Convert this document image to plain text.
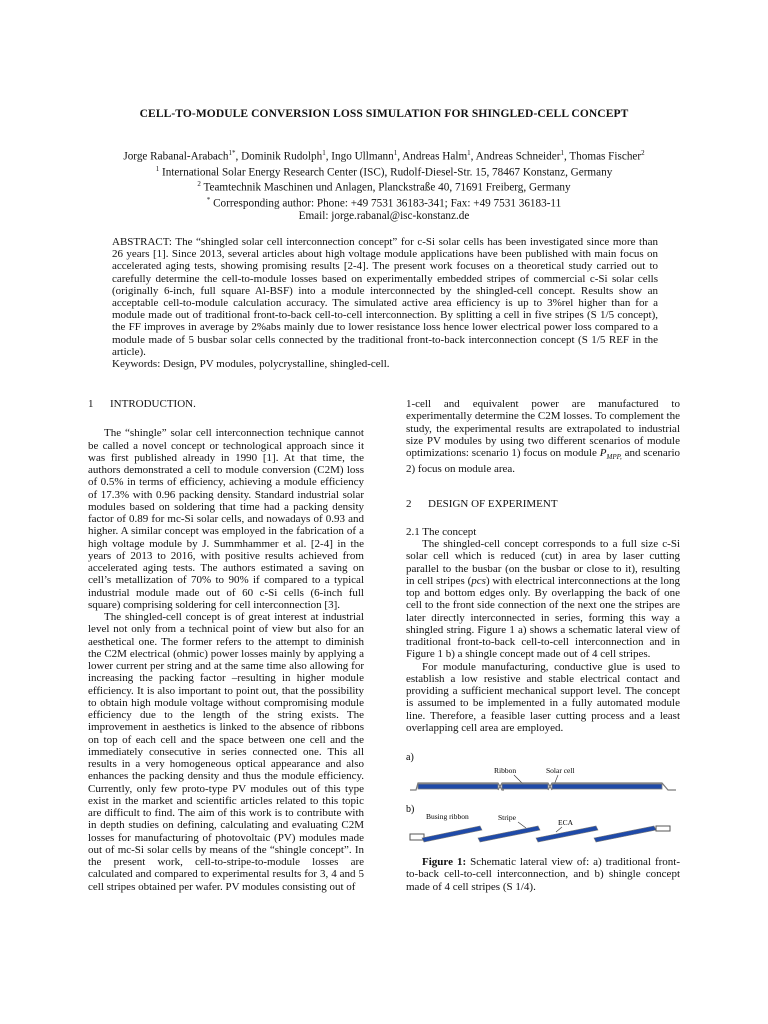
CELL-TO-MODULE CONVERSION LOSS SIMULATION FOR SHINGLED-CELL CONCEPT
Jorge Rabanal-Arabach$^{1*}$, Dominik Rudolph$^1$, Ingo Ullmann$^1$, Andreas Halm$^1$, Andreas Schneider$^1$, Thomas Fischer$^2$
$^1$ International Solar Energy Research Center (ISC), Rudolf-Diesel-Str. 15, 78467 Konstanz, Germany
$^2$ Teamtechnik Maschinen und Anlagen, Planckstraße 40, 71691 Freiberg, Germany
* Corresponding author: Phone: +49 7531 36183-341; Fax: +49 7531 36183-11
Email: jorge.rabanal@isc-konstanz.de

ABSTRACT: The “shingled solar cell interconnection concept” for c-Si solar cells has been investigated since more than 26 years [1]. Since 2013, several articles about high voltage module applications have been published with main focus on accelerated aging tests, showing promising results [2-4]. The present work focuses on a theoretical study carried out to carefully determine the cell-to-module losses based on experimentally embedded stripes of commercial c-Si solar cells (originally 6-inch, full square Al-BSF) into a module interconnected by the shingled-cell concept. Results show an acceptable cell-to-module calculation accuracy. The simulated active area efficiency is up to 3%rel higher than for a module made out of traditional front-to-back cell-to-cell interconnection. By splitting a cell in five stripes (S 1/5 concept), the FF improves in average by 2%abs mainly due to lower resistance loss hence lower electrical power loss compared to a module made of 5 busbar solar cells connected by the traditional front-to-back interconnection concept (S 1/5 REF in the article).

Keywords: Design, PV modules, polycrystalline, shingled-cell.

1 INTRODUCTION.

The “shingle” solar cell interconnection technique cannot be called a novel concept or technological approach since it was first published already in 1990 [1]. At that time, the authors demonstrated a cell to module conversion (C2M) loss of 0.5% in terms of efficiency, achieving a module efficiency of 17.3% with 0.96 packing density. Standard industrial solar modules based on soldering that time had a packing density factor of 0.89 for mc-Si solar cells, and nowadays of 0.93 and higher. A similar concept was employed in the fabrication of a high voltage module by J. Summhammer et al. [2-4] in the years of 2013 to 2016, with positive results achieved from accelerated aging tests. The authors estimated a saving on cell’s metallization of 70% to 90% if compared to a typical industrial module made out of 60 c-Si cells (6-inch full square) comprising soldering for cell interconnection [3].

The shingled-cell concept is of great interest at industrial level not only from a technical point of view but also for an aesthetical one. The former refers to the attempt to diminish the C2M electrical (ohmic) power losses mainly by applying a lower current per string and at the same time also allowing for increasing the packing factor –resulting in higher module efficiency. It is also important to point out, that the possibility to obtain high module voltage without compromising module efficiency due to the length of the string exists. The improvement in aesthetics is linked to the absence of ribbons on top of each cell and the space between one cell and the immediately consecutive in series connected one. This all results in a very homogeneous optical appearance and also enhances the packing density and thus the module efficiency. Currently, only few proto-type PV modules out of this type exist in the market and scientific articles related to this topic are difficult to find. The aim of this work is to contribute with in depth studies on defining, calculating and evaluating C2M losses for manufacturing of photovoltaic (PV) modules made out of mc-Si solar cells by means of the “shingle concept”. In the present work, cell-to-stripe-to-module losses are calculated and compared to experimental results for 3, 4 and 5 cell stripes obtained per wafer. PV modules consisting out of

1-cell and equivalent power are manufactured to experimentally determine the C2M losses. To complement the study, the experimental results are extrapolated to industrial size PV modules by using two different scenarios of module optimizations: scenario 1) focus on module $P_{MPP,}$ and scenario 2) focus on module area.

2 DESIGN OF EXPERIMENT
2.1 The concept

The shingled-cell concept corresponds to a full size c-Si solar cell which is reduced (cut) in area by laser cutting parallel to the busbar (on the busbar or close to it), resulting in cell stripes (pcs) with electrical interconnections at the long top and bottom edges only. By overlapping the back of one cell to the front side connection of the next one the stripes are later directly interconnected in series, forming this way a shingled string. Figure 1 a) shows a schematic lateral view of traditional front-to-back cell-to-cell interconnection and in Figure 1 b) a shingle concept made out of 4 cell stripes.

For module manufacturing, conductive glue is used to establish a low resistive and stable electrical contact and providing a sufficient mechanical support level. The concept is assumed to be implemented in a fully automated module line. Therefore, a feasible laser cutting process and a least overlapping cell area are employed.

a)
Ribbon	Solar cell
b)
Busing ribbon	Stripe
ECA

Figure 1: Schematic lateral view of: a) traditional front-to-back cell-to-cell interconnection, and b) shingle concept made of 4 cell stripes (S 1/4).
